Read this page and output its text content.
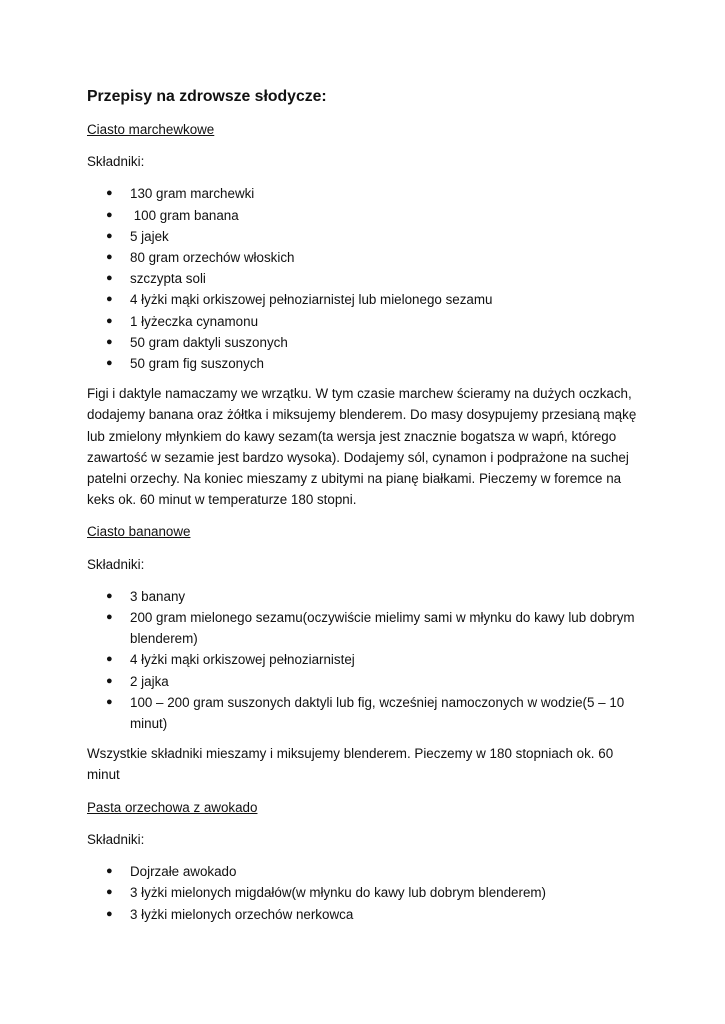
Przepisy na zdrowsze słodycze:
Ciasto marchewkowe
Składniki:
● 130 gram marchewki
● 100 gram banana
● 5 jajek
● 80 gram orzechów włoskich
● szczypta soli
● 4 łyżki mąki orkiszowej pełnoziarnistej lub mielonego sezamu
● 1 łyżeczka cynamonu
● 50 gram daktyli suszonych
● 50 gram fig suszonych
Figi i daktyle namaczamy we wrzątku. W tym czasie marchew ścieramy na dużych oczkach, dodajemy banana oraz żółtka i miksujemy blenderem. Do masy dosypujemy przesianą mąkę lub zmielony młynkiem do kawy sezam(ta wersja jest znacznie bogatsza w wapń, którego zawartość w sezamie jest bardzo wysoka). Dodajemy sól, cynamon i podprażone na suchej patelni orzechy. Na koniec mieszamy z ubitymi na pianę białkami. Pieczemy w foremce na keks ok. 60 minut w temperaturze 180 stopni.
Ciasto bananowe
Składniki:
● 3 banany
● 200 gram mielonego sezamu(oczywiście mielimy sami w młynku do kawy lub dobrym blenderem)
● 4 łyżki mąki orkiszowej pełnoziarnistej
● 2 jajka
● 100 – 200 gram suszonych daktyli lub fig, wcześniej namoczonych w wodzie(5 – 10 minut)
Wszystkie składniki mieszamy i miksujemy blenderem. Pieczemy w 180 stopniach ok. 60 minut
Pasta orzechowa z awokado
Składniki:
● Dojrzałe awokado
● 3 łyżki mielonych migdałów(w młynku do kawy lub dobrym blenderem)
● 3 łyżki mielonych orzechów nerkowca
